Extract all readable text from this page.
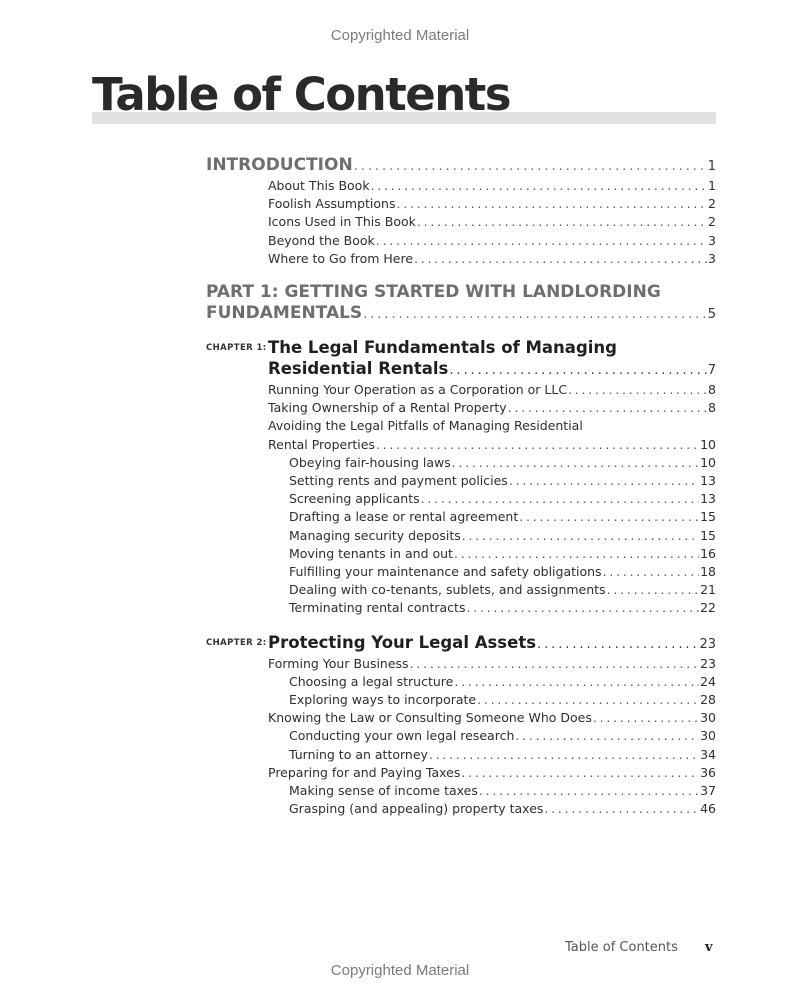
Copyrighted Material
Table of Contents
INTRODUCTION . . .	1
About This Book . . .	1
Foolish Assumptions . . .	2
Icons Used in This Book . . .	2
Beyond the Book . . .	3
Where to Go from Here . . .	3
PART 1: GETTING STARTED WITH LANDLORDING
FUNDAMENTALS . . .	5
CHAPTER 1: The Legal Fundamentals of Managing
Residential Rentals . . .	7
Running Your Operation as a Corporation or LLC . . .	8
Taking Ownership of a Rental Property . . .	8
Avoiding the Legal Pitfalls of Managing Residential
Rental Properties . . .	10
Obeying fair-housing laws . . .	10
Setting rents and payment policies . . .	13
Screening applicants . . .	13
Drafting a lease or rental agreement . . .	15
Managing security deposits . . .	15
Moving tenants in and out . . .	16
Fulfilling your maintenance and safety obligations . . .	18
Dealing with co-tenants, sublets, and assignments . . .	21
Terminating rental contracts . . .	22
CHAPTER 2: Protecting Your Legal Assets . . .	23
Forming Your Business . . .	23
Choosing a legal structure . . .	24
Exploring ways to incorporate . . .	28
Knowing the Law or Consulting Someone Who Does . . .	30
Conducting your own legal research . . .	30
Turning to an attorney . . .	34
Preparing for and Paying Taxes . . .	36
Making sense of income taxes . . .	37
Grasping (and appealing) property taxes . . .	46
Table of Contents v
Copyrighted Material
